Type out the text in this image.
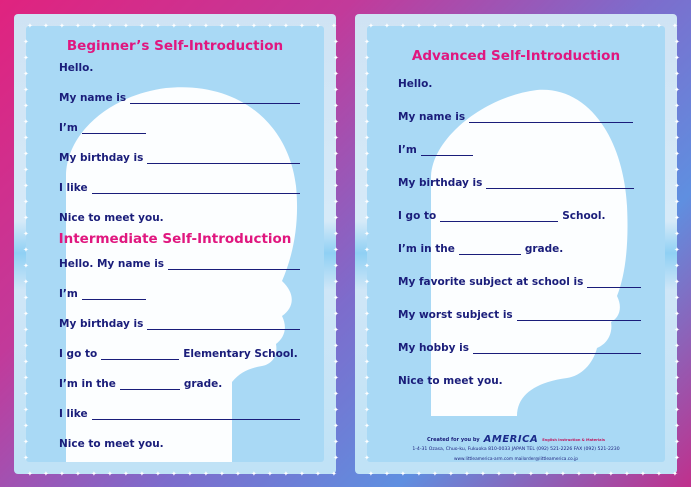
Beginner’s Self-Introduction
Hello.
My name is
I’m
My birthday is
I like
Nice to meet you.
Intermediate Self-Introduction
Hello. My name is
I’m
My birthday is
I go to	Elementary School.
I’m in the	grade.
I like
Nice to meet you.
✦
✦
✦
✦
✦
✦
✦
✦
✦
✦
✦
✦
✦
✦
✦
✦
✦
✦
✦
✦
✦
✦
✦
✦
✦
✦
✦
✦
✦
✦
✦
✦
✦
✦
✦
✦
✦
✦
✦
✦
✦	✦
✦	✦
✦	✦
✦	✦
✦	✦
✦	✦
✦	✦
✦	✦
✦	✦
✦	✦
✦	✦
✦	✦
✦	✦
✦	✦
✦	✦
✦	✦
✦	✦
✦	✦
✦	✦
✦	✦
✦	✦
✦	✦
✦	✦
✦	✦
✦	✦
✦	✦
✦	✦
Advanced Self-Introduction
Hello.
My name is
I’m
My birthday is
I go to	School.
I’m in the	grade.
My favorite subject at school is
My worst subject is
My hobby is
Nice to meet you.
Created for you by AMERICA English Instruction & Materials
1-4-31 Ozasa, Chuo-ku, Fukuoka 810-0033 JAPAN TEL (092) 521-2226 FAX (092) 521-2230
www.littleamerica-arm.com mailorder@littleamerica.co.jp
✦
✦
✦
✦
✦
✦
✦
✦
✦
✦
✦
✦
✦
✦
✦
✦
✦
✦
✦
✦
✦
✦
✦
✦
✦
✦
✦
✦
✦
✦
✦
✦
✦
✦
✦
✦
✦
✦
✦
✦
✦	✦
✦	✦
✦	✦
✦	✦
✦	✦
✦	✦
✦	✦
✦	✦
✦	✦
✦	✦
✦	✦
✦	✦
✦	✦
✦	✦
✦	✦
✦	✦
✦	✦
✦	✦
✦	✦
✦	✦
✦	✦
✦	✦
✦	✦
✦	✦
✦	✦
✦	✦
✦	✦
